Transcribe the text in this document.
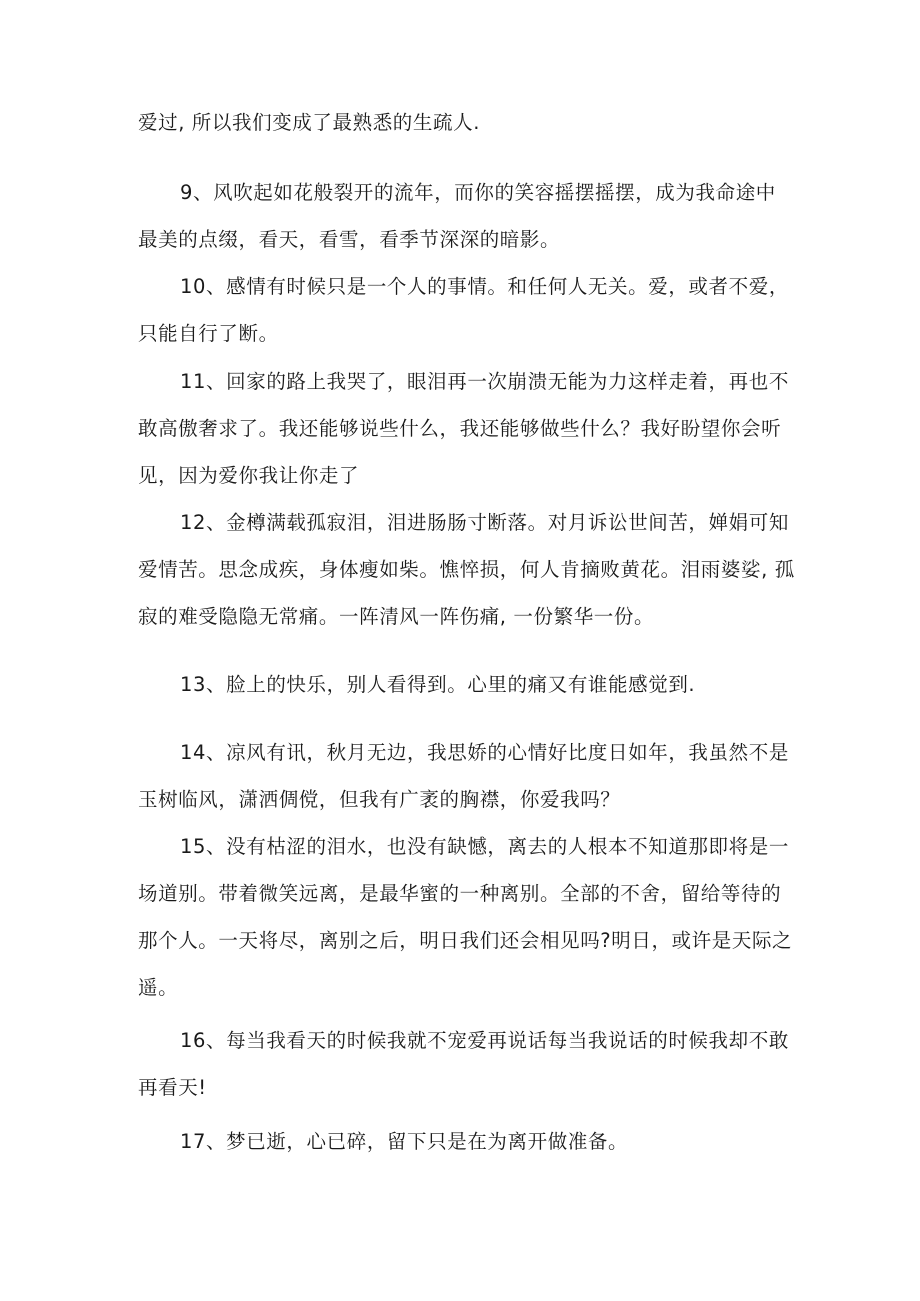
爱过, 所以我们变成了最熟悉的生疏人.
9、风吹起如花般裂开的流年，而你的笑容摇摆摇摆，成为我命途中
最美的点缀，看天，看雪，看季节深深的暗影。
10、感情有时候只是一个人的事情。和任何人无关。爱，或者不爱，
只能自行了断。
11、回家的路上我哭了，眼泪再一次崩溃无能为力这样走着，再也不
敢高傲奢求了。我还能够说些什么，我还能够做些什么？我好盼望你会听
见，因为爱你我让你走了
12、金樽满载孤寂泪，泪进肠肠寸断落。对月诉讼世间苦，婵娟可知
爱情苦。思念成疾，身体瘦如柴。憔悴损，何人肯摘败黄花。泪雨婆娑, 孤
寂的难受隐隐无常痛。一阵清风一阵伤痛, 一份繁华一份。
13、脸上的快乐，别人看得到。心里的痛又有谁能感觉到.
14、凉风有讯，秋月无边，我思娇的心情好比度日如年，我虽然不是
玉树临风，潇洒倜傥，但我有广袤的胸襟，你爱我吗？
15、没有枯涩的泪水，也没有缺憾，离去的人根本不知道那即将是一
场道别。带着微笑远离，是最华蜜的一种离别。全部的不舍，留给等待的
那个人。一天将尽，离别之后，明日我们还会相见吗?明日，或许是天际之
遥。
16、每当我看天的时候我就不宠爱再说话每当我说话的时候我却不敢
再看天!
17、梦已逝，心已碎，留下只是在为离开做准备。
